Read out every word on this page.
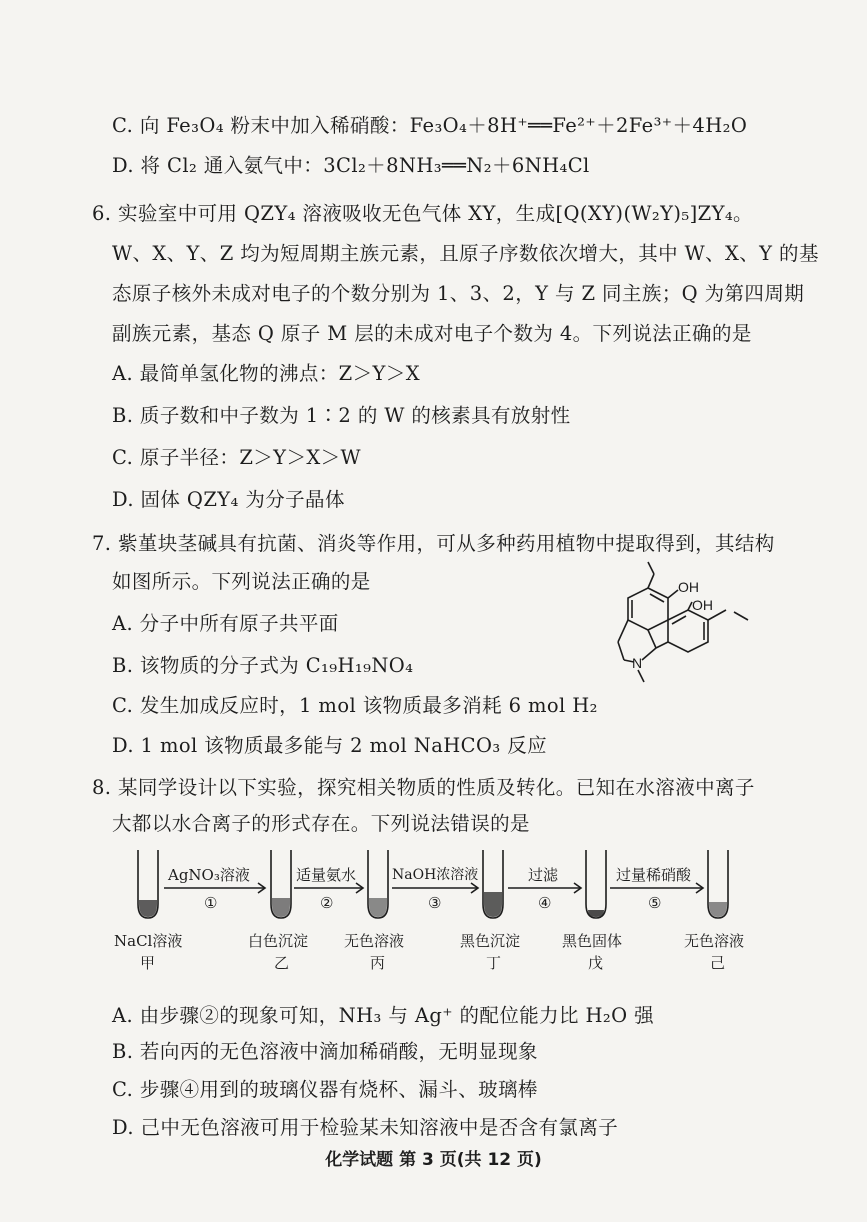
C. 向 Fe₃O₄ 粉末中加入稀硝酸：Fe₃O₄＋8H⁺══Fe²⁺＋2Fe³⁺＋4H₂O
D. 将 Cl₂ 通入氨气中：3Cl₂＋8NH₃══N₂＋6NH₄Cl
6. 实验室中可用 QZY₄ 溶液吸收无色气体 XY，生成[Q(XY)(W₂Y)₅]ZY₄。
W、X、Y、Z 均为短周期主族元素，且原子序数依次增大，其中 W、X、Y 的基
态原子核外未成对电子的个数分别为 1、3、2，Y 与 Z 同主族；Q 为第四周期
副族元素，基态 Q 原子 M 层的未成对电子个数为 4。下列说法正确的是
A. 最简单氢化物的沸点：Z＞Y＞X
B. 质子数和中子数为 1∶2 的 W 的核素具有放射性
C. 原子半径：Z＞Y＞X＞W
D. 固体 QZY₄ 为分子晶体
7. 紫堇块茎碱具有抗菌、消炎等作用，可从多种药用植物中提取得到，其结构
如图所示。下列说法正确的是
A. 分子中所有原子共平面
B. 该物质的分子式为 C₁₉H₁₉NO₄
C. 发生加成反应时，1 mol 该物质最多消耗 6 mol H₂
D. 1 mol 该物质最多能与 2 mol NaHCO₃ 反应
OH
OH
N
8. 某同学设计以下实验，探究相关物质的性质及转化。已知在水溶液中离子
大都以水合离子的形式存在。下列说法错误的是
AgNO₃溶液
①
适量氨水
②
NaOH浓溶液
③
过滤
④
过量稀硝酸
⑤
NaCl溶液
甲
白色沉淀
乙
无色溶液
丙
黑色沉淀
丁
黑色固体
戊
无色溶液
己
A. 由步骤②的现象可知，NH₃ 与 Ag⁺ 的配位能力比 H₂O 强
B. 若向丙的无色溶液中滴加稀硝酸，无明显现象
C. 步骤④用到的玻璃仪器有烧杯、漏斗、玻璃棒
D. 己中无色溶液可用于检验某未知溶液中是否含有氯离子
化学试题 第 3 页(共 12 页)
